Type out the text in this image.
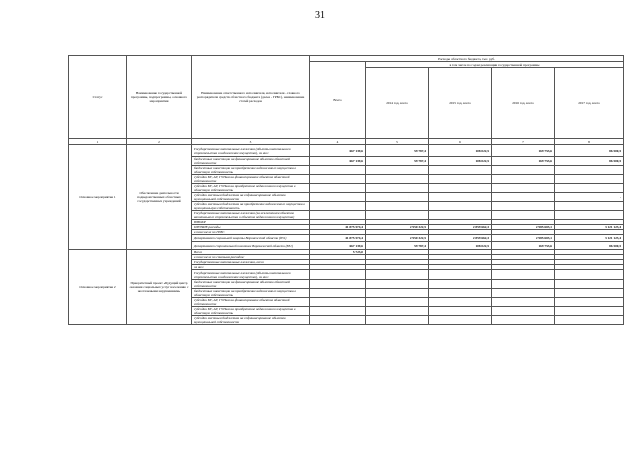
31
Статус	Наименование государственной программы, подпрограммы, основного мероприятия	Наименование ответственного исполнителя, исполнителя - главного распорядителя средств областного бюджета (далее - ГРБС), наименование статей расходов	Расходы областного бюджета, тыс. руб.				
			Всего	в том числе по годам реализации государственной программы			
				2014 год, всего	2015 год, всего	2016 год, всего	2017 год, всего
1	2	3	4	5	6	7	8
Основное мероприятие 1	Обеспечение деятельности подведомственных областных государственных учреждений	Государственные капитальные вложения (объекты капитального строительства и недвижимое имущество), из них:	667 139,6	59 787,4	108 022,5	169 753,6	86 500,5
		бюджетные инвестиции на финансирование объектов областной собственности	667 139,6	59 787,4	108 022,5	169 753,6	86 500,5
		бюджетные инвестиции на приобретение недвижимого имущества в областную собственность					
		субсидии БУ, АУ, ГУПам на финансирование объектов областной собственности					
		субсидии БУ, АУ, ГУПам на приобретение недвижимого имущества в областную собственность					
		субсидии местным бюджетам на софинансирование объектов муниципальной собственности					-
		субсидии местным бюджетам на приобретение недвижимого имущества в муниципальную собственность					
		Государственные капитальные вложения (за исключением объектов капитального строительства и объектов недвижимого имущества)					
		НИОКР					
		ПРОЧИЕ расходы	41 875 574,4	2 950 322,5	2 859 662,3	2 985 603,1	3 121 123,4
		в том числе по ГРБС					
		Департамент социальной защиты Воронежской области (831)	41 875 574,4	2 950 322,5	2 859 662,3	2 985 603,1	3 121 123,4
		Департамент строительной политики Воронежской области (831)	667 139,6	59 787,4	108 022,5	169 753,6	86 500,5
Основное мероприятие 2	Приоритетный проект «Будущий центр оказания социальных услуг населению с неотложными нарушениями»	Всего	5 723,0				
		в том числе по статьям расходов:					
		Государственные капитальные вложения, всего					
		из них:					
		Государственные капитальные вложения (объекты капитального строительства и недвижимое имущество), из них:					
		бюджетные инвестиции на финансирование объектов областной собственности					
		бюджетные инвестиции на приобретение недвижимого имущества в областную собственность					
		субсидии БУ, АУ, ГУПам на финансирование объектов областной собственности					
		субсидии БУ, АУ, ГУПам на приобретение недвижимого имущества в областную собственность					
		субсидии местным бюджетам на софинансирование объектов муниципальной собственности					
